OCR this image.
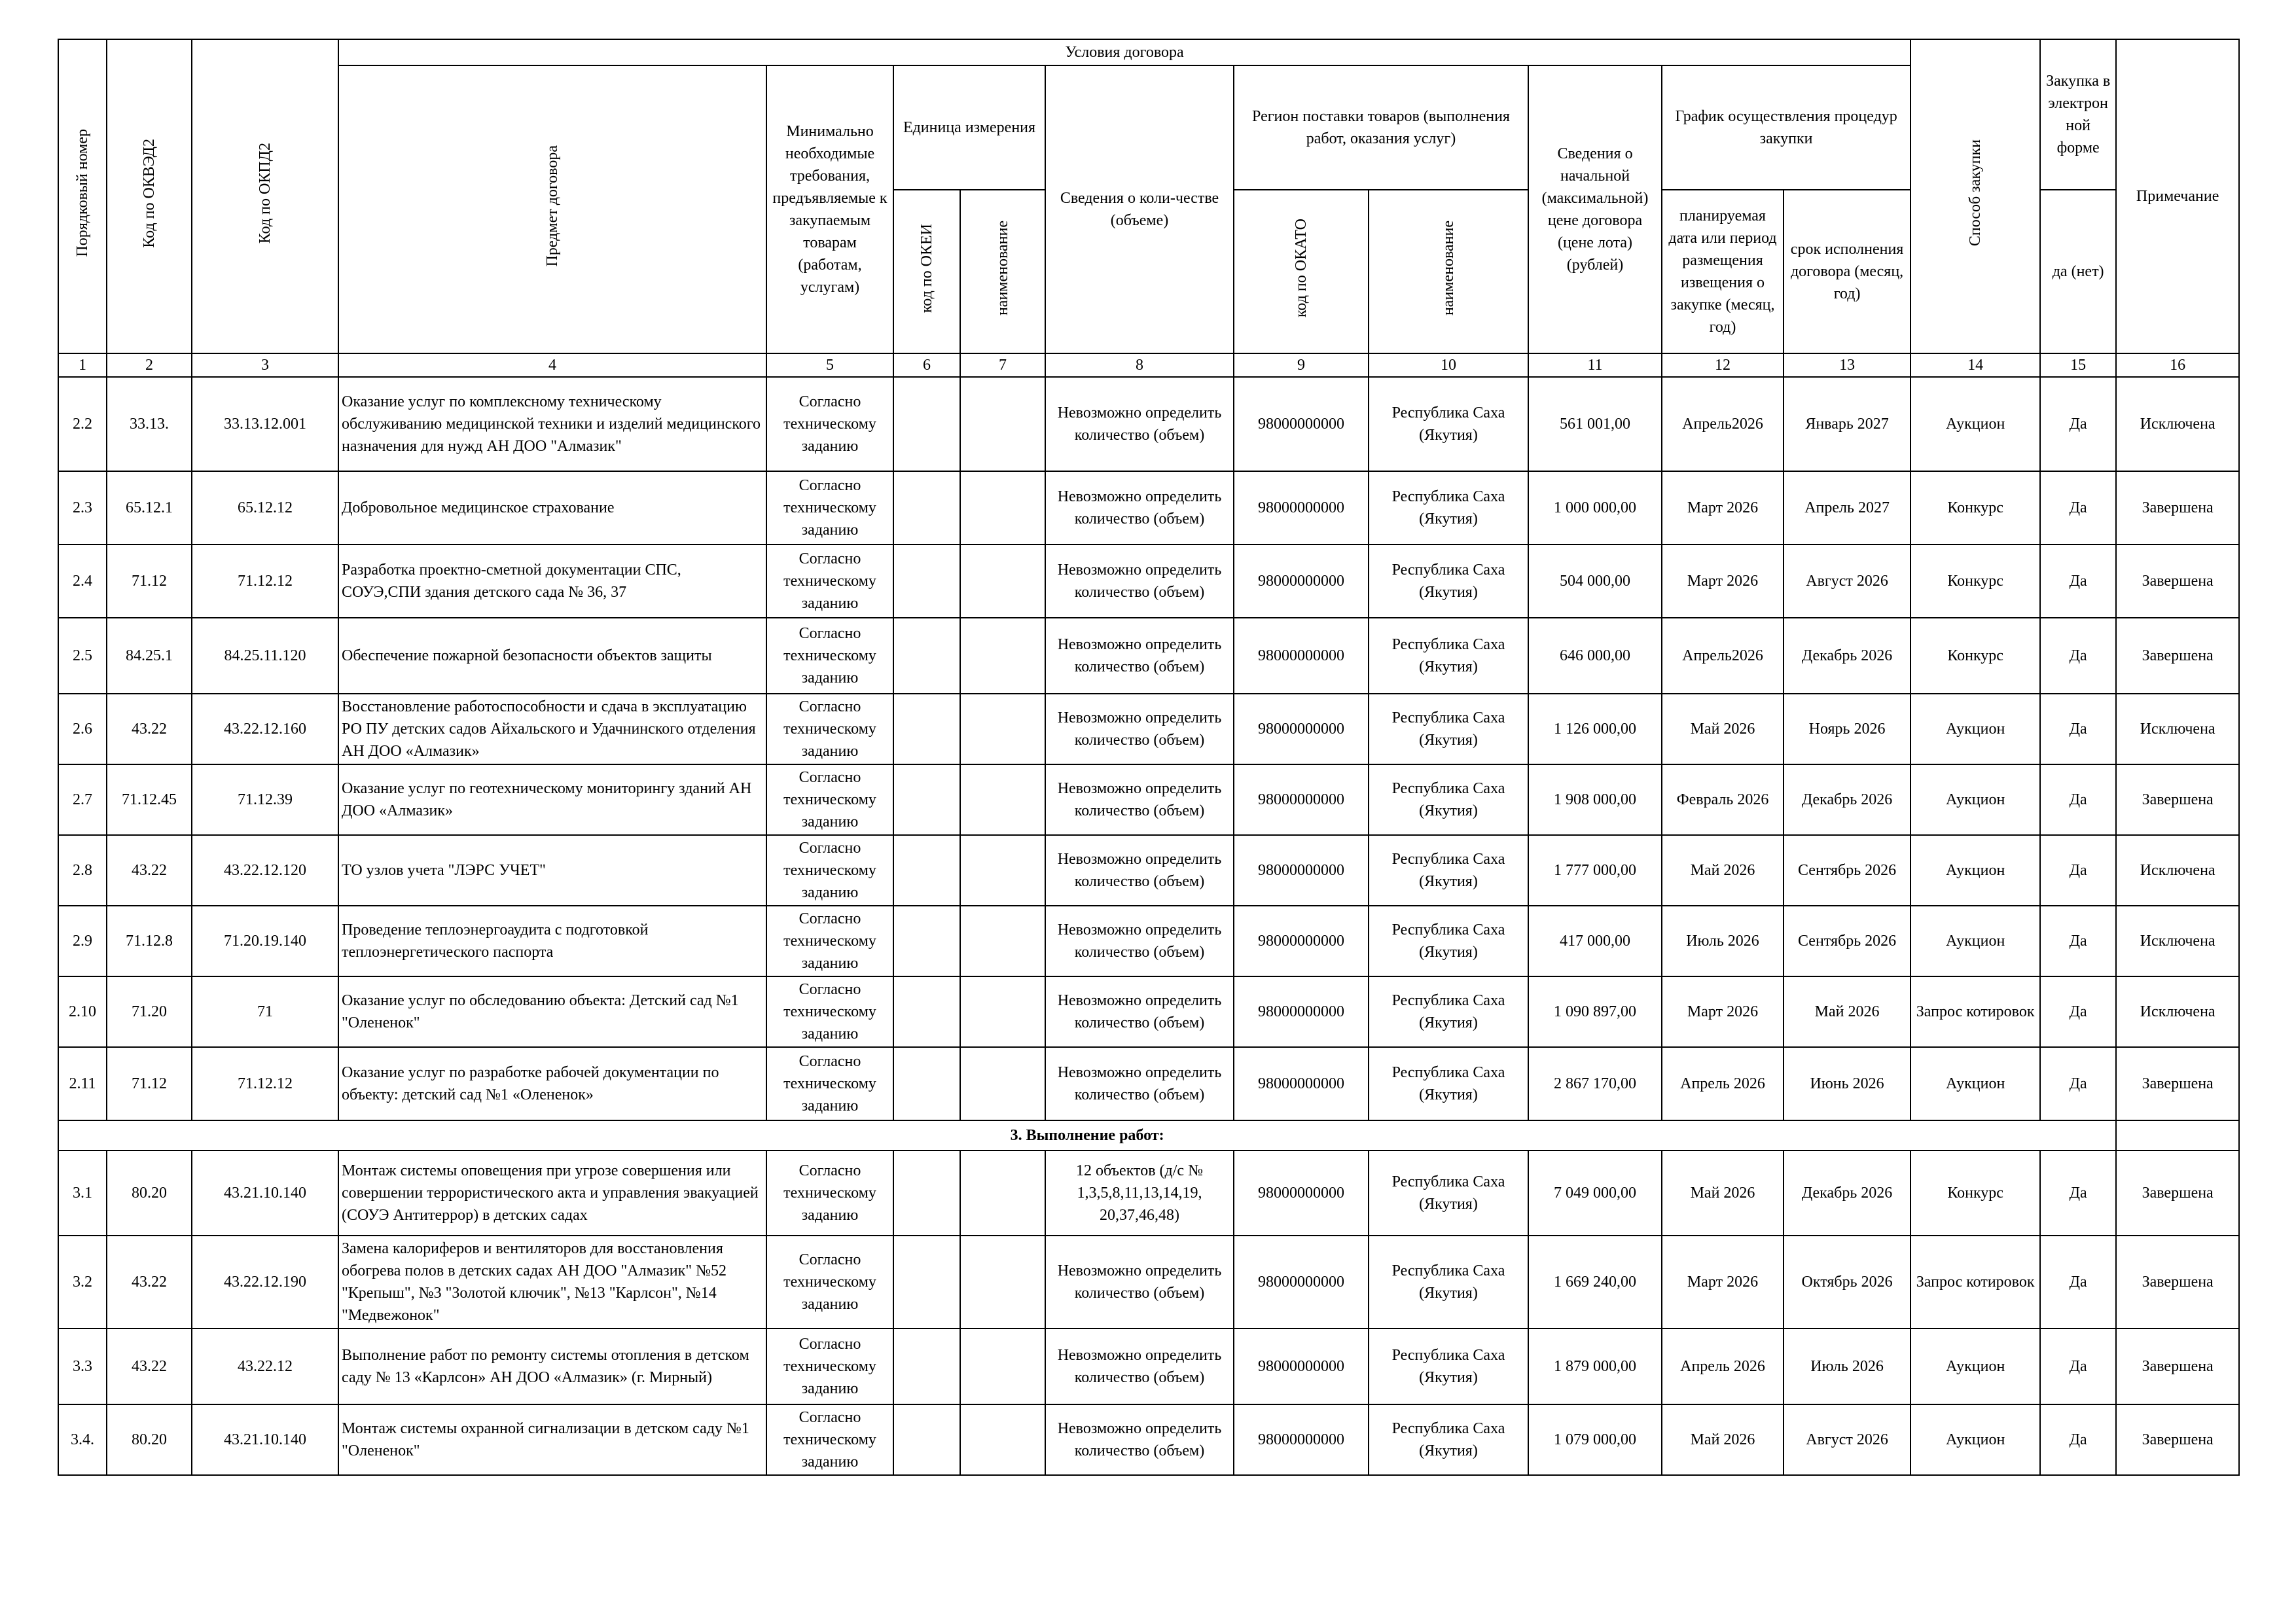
Порядковый номер	Код по ОКВЭД2	Код по ОКПД2	Условия договора										Способ закупки	Закупка в электрон ной форме	Примечание
			Предмет договора	Минимально необходимые требования, предъявляемые к закупаемым товарам (работам, услугам)	Единица измерения		Сведения о коли-честве (объеме)	Регион поставки товаров (выполнения работ, оказания услуг)		Сведения о начальной (максимальной) цене договора (цене лота) (рублей)	График осуществления процедур закупки				
					код по ОКЕИ	наименование		код по ОКАТО	наименование		планируемая дата или период размещения извещения о закупке (месяц, год)	срок исполнения договора (месяц, год)		да (нет)	
1	2	3	4	5	6	7	8	9	10	11	12	13	14	15	16
2.2	33.13.	33.13.12.001	Оказание услуг по комплексному техническому обслуживанию медицинской техники и изделий медицинского назначения для нужд АН ДОО "Алмазик"	Согласно техническому заданию			Невозможно определить количество (объем)	98000000000	Республика Саха (Якутия)	561 001,00	Апрель2026	Январь 2027	Аукцион	Да	Исключена
2.3	65.12.1	65.12.12	Добровольное медицинское страхование	Согласно техническому заданию			Невозможно определить количество (объем)	98000000000	Республика Саха (Якутия)	1 000 000,00	Март 2026	Апрель 2027	Конкурс	Да	Завершена
2.4	71.12	71.12.12	Разработка проектно-сметной документации СПС, СОУЭ,СПИ здания детского сада № 36, 37	Согласно техническому заданию			Невозможно определить количество (объем)	98000000000	Республика Саха (Якутия)	504 000,00	Март 2026	Август 2026	Конкурс	Да	Завершена
2.5	84.25.1	84.25.11.120	Обеспечение пожарной безопасности объектов защиты	Согласно техническому заданию			Невозможно определить количество (объем)	98000000000	Республика Саха (Якутия)	646 000,00	Апрель2026	Декабрь 2026	Конкурс	Да	Завершена
2.6	43.22	43.22.12.160	Восстановление работоспособности и сдача в эксплуатацию РО ПУ детских садов Айхальского и Удачнинского отделения АН ДОО «Алмазик»	Согласно техническому заданию			Невозможно определить количество (объем)	98000000000	Республика Саха (Якутия)	1 126 000,00	Май 2026	Ноярь 2026	Аукцион	Да	Исключена
2.7	71.12.45	71.12.39	Оказание услуг по геотехническому мониторингу зданий АН ДОО «Алмазик»	Согласно техническому заданию			Невозможно определить количество (объем)	98000000000	Республика Саха (Якутия)	1 908 000,00	Февраль 2026	Декабрь 2026	Аукцион	Да	Завершена
2.8	43.22	43.22.12.120	ТО узлов учета "ЛЭРС УЧЕТ"	Согласно техническому заданию			Невозможно определить количество (объем)	98000000000	Республика Саха (Якутия)	1 777 000,00	Май 2026	Сентябрь 2026	Аукцион	Да	Исключена
2.9	71.12.8	71.20.19.140	Проведение теплоэнергоаудита с подготовкой теплоэнергетического паспорта	Согласно техническому заданию			Невозможно определить количество (объем)	98000000000	Республика Саха (Якутия)	417 000,00	Июль 2026	Сентябрь 2026	Аукцион	Да	Исключена
2.10	71.20	71	Оказание услуг по обследованию объекта: Детский сад №1 "Олененок"	Согласно техническому заданию			Невозможно определить количество (объем)	98000000000	Республика Саха (Якутия)	1 090 897,00	Март 2026	Май 2026	Запрос котировок	Да	Исключена
2.11	71.12	71.12.12	Оказание услуг по разработке рабочей документации по объекту: детский сад №1 «Олененок»	Согласно техническому заданию			Невозможно определить количество (объем)	98000000000	Республика Саха (Якутия)	2 867 170,00	Апрель 2026	Июнь 2026	Аукцион	Да	Завершена
3. Выполнение работ:															
3.1	80.20	43.21.10.140	Монтаж системы оповещения при угрозе совершения или совершении террористического акта и управления эвакуацией (СОУЭ Антитеррор) в детских садах	Согласно техническому заданию			12 объектов (д/с № 1,3,5,8,11,13,14,19, 20,37,46,48)	98000000000	Республика Саха (Якутия)	7 049 000,00	Май 2026	Декабрь 2026	Конкурс	Да	Завершена
3.2	43.22	43.22.12.190	Замена калориферов и вентиляторов для восстановления обогрева полов в детских садах АН ДОО "Алмазик" №52 "Крепыш", №3 "Золотой ключик", №13 "Карлсон", №14 "Медвежонок"	Согласно техническому заданию			Невозможно определить количество (объем)	98000000000	Республика Саха (Якутия)	1 669 240,00	Март 2026	Октябрь 2026	Запрос котировок	Да	Завершена
3.3	43.22	43.22.12	Выполнение работ по ремонту системы отопления в детском саду № 13 «Карлсон» АН ДОО «Алмазик» (г. Мирный)	Согласно техническому заданию			Невозможно определить количество (объем)	98000000000	Республика Саха (Якутия)	1 879 000,00	Апрель 2026	Июль 2026	Аукцион	Да	Завершена
3.4.	80.20	43.21.10.140	Монтаж системы охранной сигнализации в детском саду №1 "Олененок"	Согласно техническому заданию			Невозможно определить количество (объем)	98000000000	Республика Саха (Якутия)	1 079 000,00	Май 2026	Август 2026	Аукцион	Да	Завершена
